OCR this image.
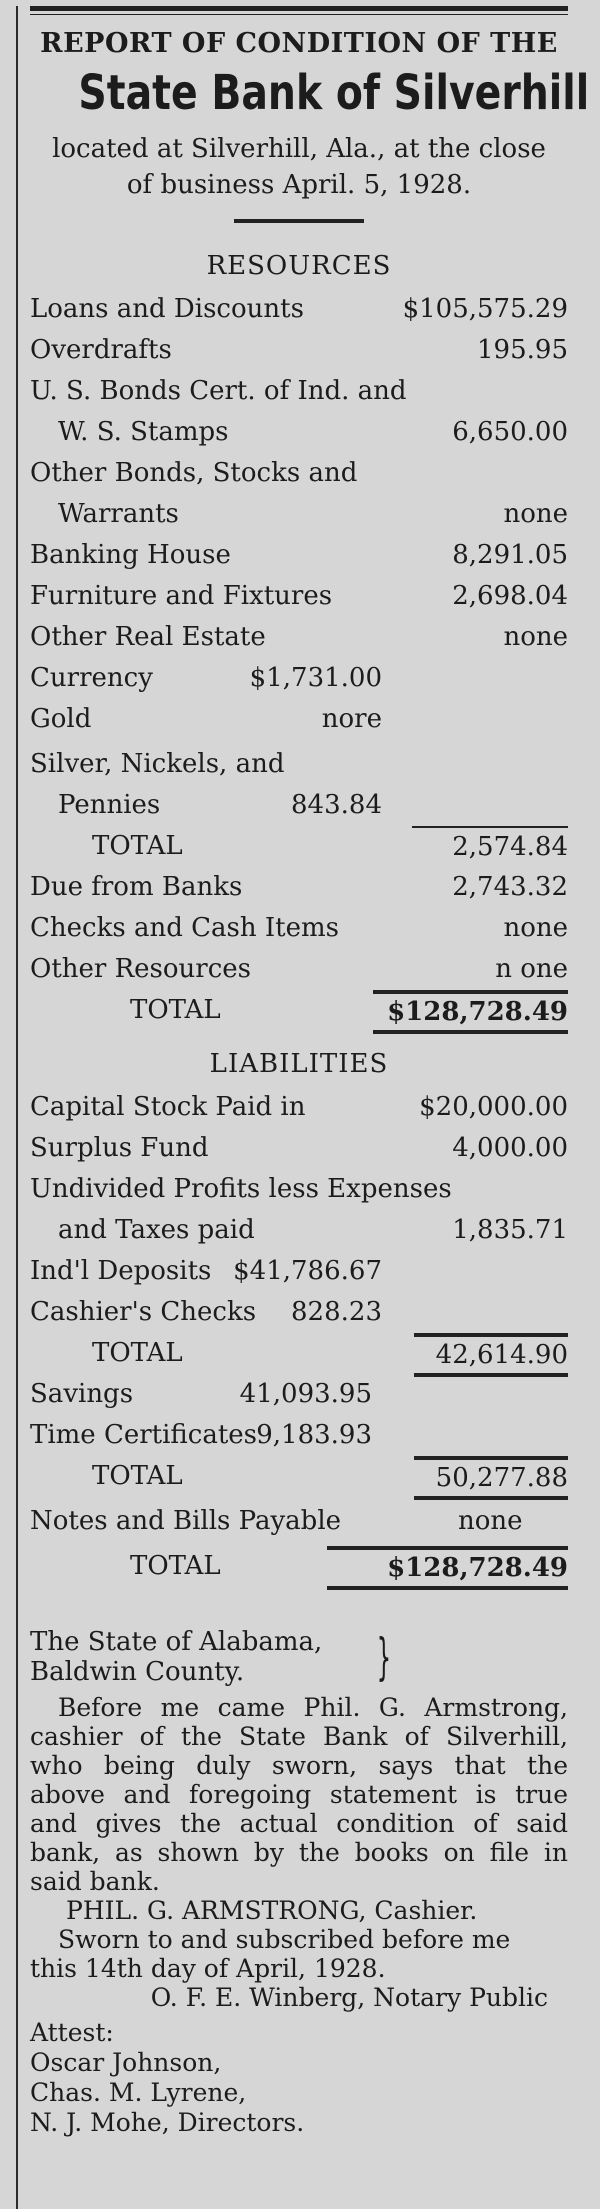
REPORT OF CONDITION OF THE
State Bank of Silverhill
located at Silverhill, Ala., at the close
of business April. 5, 1928.
RESOURCES
Loans and Discounts	$105,575.29
Overdrafts	195.95
U. S. Bonds Cert. of Ind. and
W. S. Stamps	6,650.00
Other Bonds, Stocks and
Warrants	none
Banking House	8,291.05
Furniture and Fixtures	2,698.04
Other Real Estate	none
Currency	$1,731.00
Gold	nore
Silver, Nickels, and
Pennies	843.84
TOTAL	2,574.84
Due from Banks	2,743.32
Checks and Cash Items	none
Other Resources	n one
TOTAL	$128,728.49
LIABILITIES
Capital Stock Paid in	$20,000.00
Surplus Fund	4,000.00
Undivided Profits less Expenses
and Taxes paid	1,835.71
Ind'l Deposits $41,786.67
Cashier's Checks 828.23
TOTAL	42,614.90
Savings	41,093.95
Time Certificates 9,183.93
TOTAL	50,277.88
Notes and Bills Payable	none
TOTAL	$128,728.49
The State of Alabama,
Baldwin County.	}
Before me came Phil. G. Armstrong, cashier of the State Bank of Silverhill, who being duly sworn, says that the above and foregoing statement is true and gives the actual condition of said bank, as shown by the books on file in said bank.
PHIL. G. ARMSTRONG, Cashier.
Sworn to and subscribed before me
this 14th day of April, 1928.
O. F. E. Winberg, Notary Public
Attest:
Oscar Johnson,
Chas. M. Lyrene,
N. J. Mohe, Directors.
